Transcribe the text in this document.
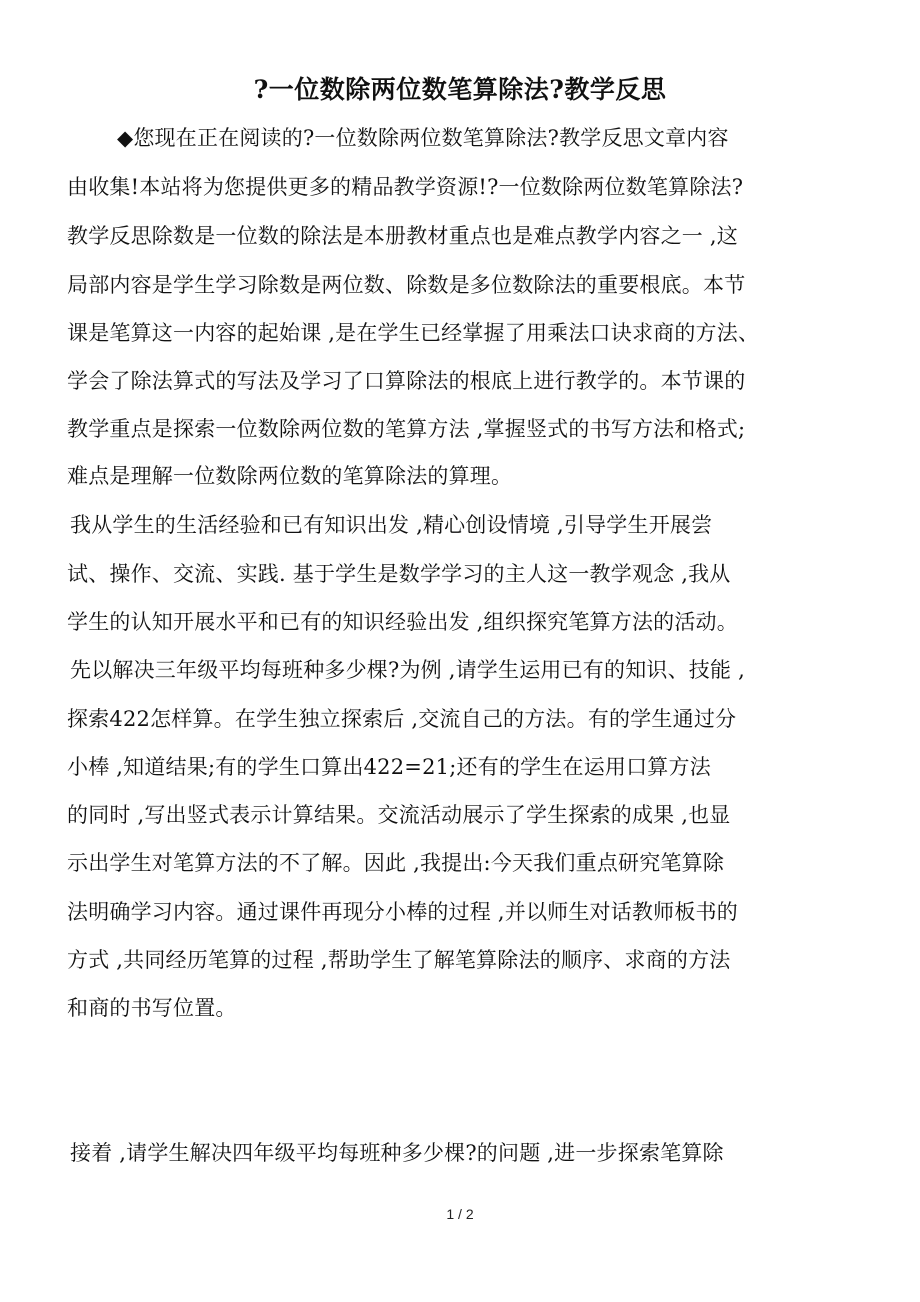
?一位数除两位数笔算除法?教学反思
◆您现在正在阅读的?一位数除两位数笔算除法?教学反思文章内容
由收集!本站将为您提供更多的精品教学资源!?一位数除两位数笔算除法?
教学反思除数是一位数的除法是本册教材重点也是难点教学内容之一 ,这
局部内容是学生学习除数是两位数、除数是多位数除法的重要根底。本节
课是笔算这一内容的起始课 ,是在学生已经掌握了用乘法口诀求商的方法、
学会了除法算式的写法及学习了口算除法的根底上进行教学的。本节课的
教学重点是探索一位数除两位数的笔算方法 ,掌握竖式的书写方法和格式;
难点是理解一位数除两位数的笔算除法的算理。
我从学生的生活经验和已有知识出发 ,精心创设情境 ,引导学生开展尝
试、操作、交流、实践. 基于学生是数学学习的主人这一教学观念 ,我从
学生的认知开展水平和已有的知识经验出发 ,组织探究笔算方法的活动。
先以解决三年级平均每班种多少棵?为例 ,请学生运用已有的知识、技能 ,
探索422怎样算。在学生独立探索后 ,交流自己的方法。有的学生通过分
小棒 ,知道结果;有的学生口算出422=21;还有的学生在运用口算方法
的同时 ,写出竖式表示计算结果。交流活动展示了学生探索的成果 ,也显
示出学生对笔算方法的不了解。因此 ,我提出:今天我们重点研究笔算除
法明确学习内容。通过课件再现分小棒的过程 ,并以师生对话教师板书的
方式 ,共同经历笔算的过程 ,帮助学生了解笔算除法的顺序、求商的方法
和商的书写位置。
接着 ,请学生解决四年级平均每班种多少棵?的问题 ,进一步探索笔算除
1 / 2
